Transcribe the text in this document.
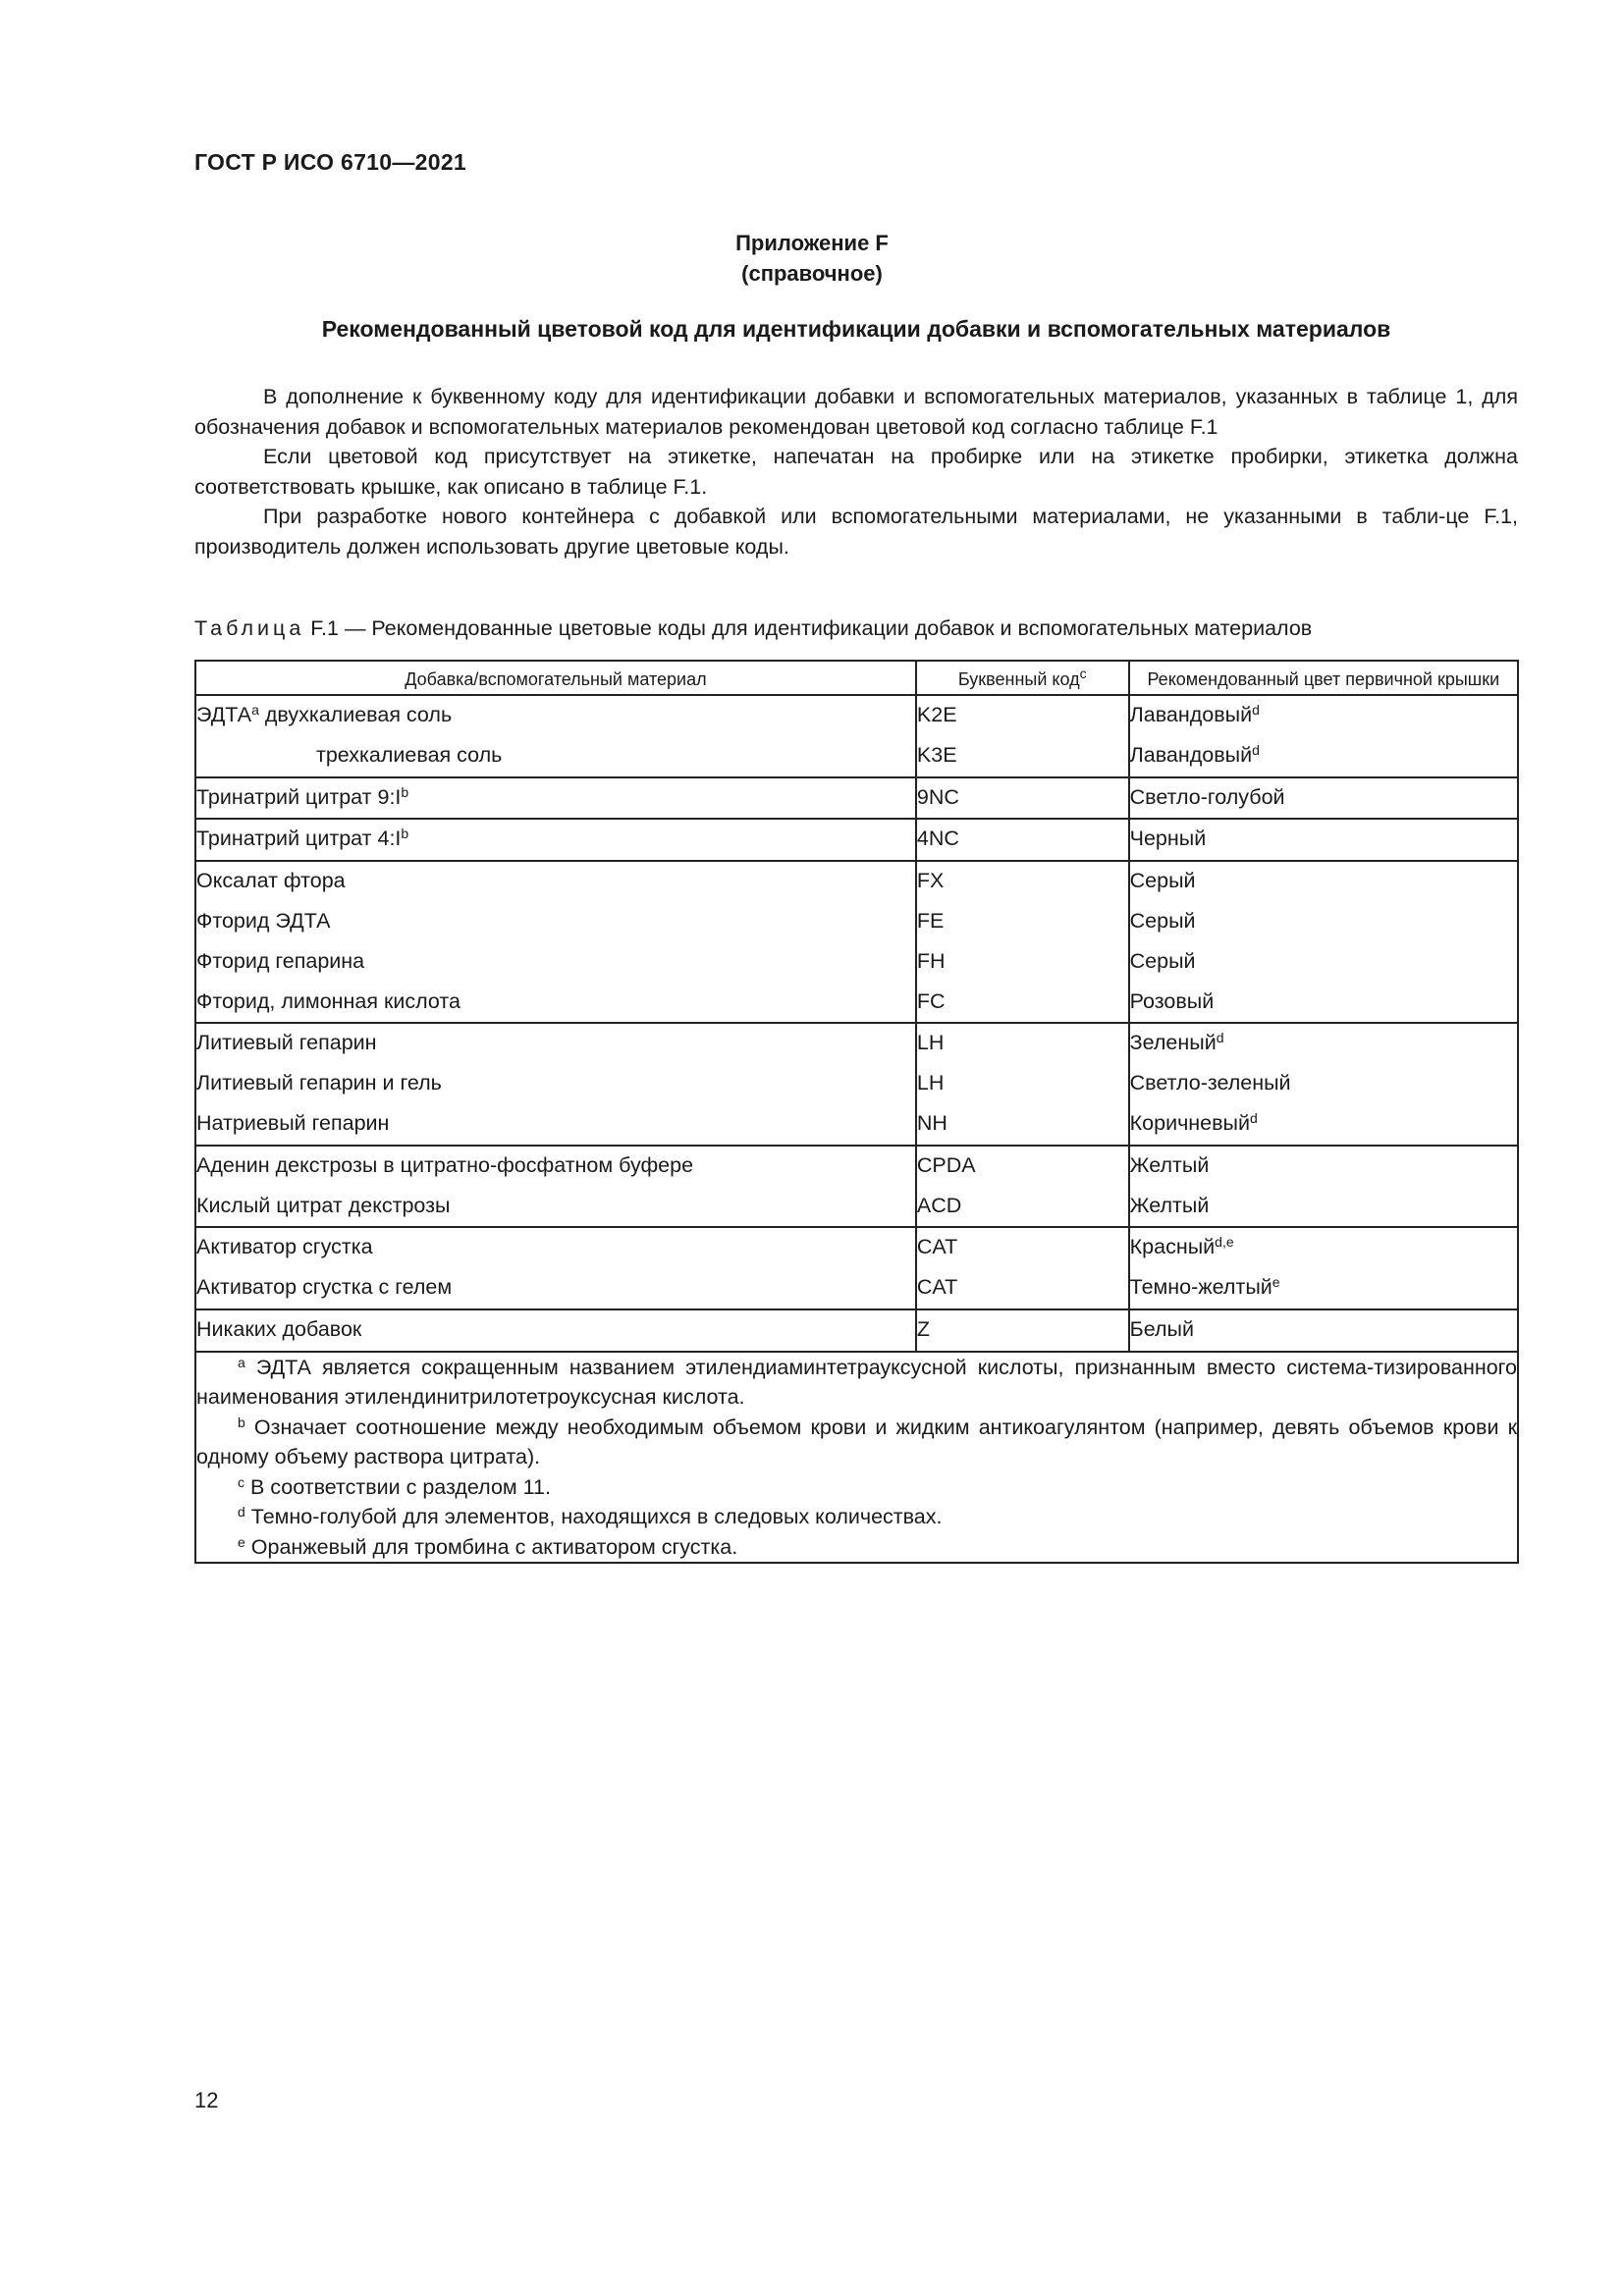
ГОСТ Р ИСО 6710—2021
Приложение F
(справочное)
Рекомендованный цветовой код для идентификации добавки и вспомогательных материалов

В дополнение к буквенному коду для идентификации добавки и вспомогательных материалов, указанных в таблице 1, для обозначения добавок и вспомогательных материалов рекомендован цветовой код согласно таблице F.1

Если цветовой код присутствует на этикетке, напечатан на пробирке или на этикетке пробирки, этикетка должна соответствовать крышке, как описано в таблице F.1.

При разработке нового контейнера с добавкой или вспомогательными материалами, не указанными в табли-це F.1, производитель должен использовать другие цветовые коды.

Таблица F.1 — Рекомендованные цветовые коды для идентификации добавок и вспомогательных материалов
Добавка/вспомогательный материал	Буквенный код$^c$	Рекомендованный цвет первичной крышки
ЭДТА$^a$ двухкалиевая соль	K2E	Лавандовый$^d$
трехкалиевая соль	K3E	Лавандовый$^d$
Тринатрий цитрат $9:I^b$	9NC	Светло-голубой
Тринатрий цитрат $4:I^b$	4NC	Черный
Оксалат фтора	FX	Серый
Фторид ЭДТА	FE	Серый
Фторид гепарина	FH	Серый
Фторид, лимонная кислота	FC	Розовый
Литиевый гепарин	LH	Зеленый$^d$
Литиевый гепарин и гель	LH	Светло-зеленый
Натриевый гепарин	NH	Коричневый$^d$
Аденин декстрозы в цитратно-фосфатном буфере	CPDA	Желтый
Кислый цитрат декстрозы	ACD	Желтый
Активатор сгустка	CAT	Красный$^{d,e}$
Активатор сгустка с гелем	CAT	Темно-желтый$^e$
Никаких добавок	Z	Белый

$^a$ ЭДТА является сокращенным названием этилендиаминтетрауксусной кислоты, признанным вместо система-тизированного наименования этилендинитрилотетроуксусная кислота.
$^b$ Означает соотношение между необходимым объемом крови и жидким антикоагулянтом (например, девять объемов крови к одному объему раствора цитрата).
$^c$ В соответствии с разделом 11.
$^d$ Темно-голубой для элементов, находящихся в следовых количествах.
$^e$ Оранжевый для тромбина с активатором сгустка.		
12
